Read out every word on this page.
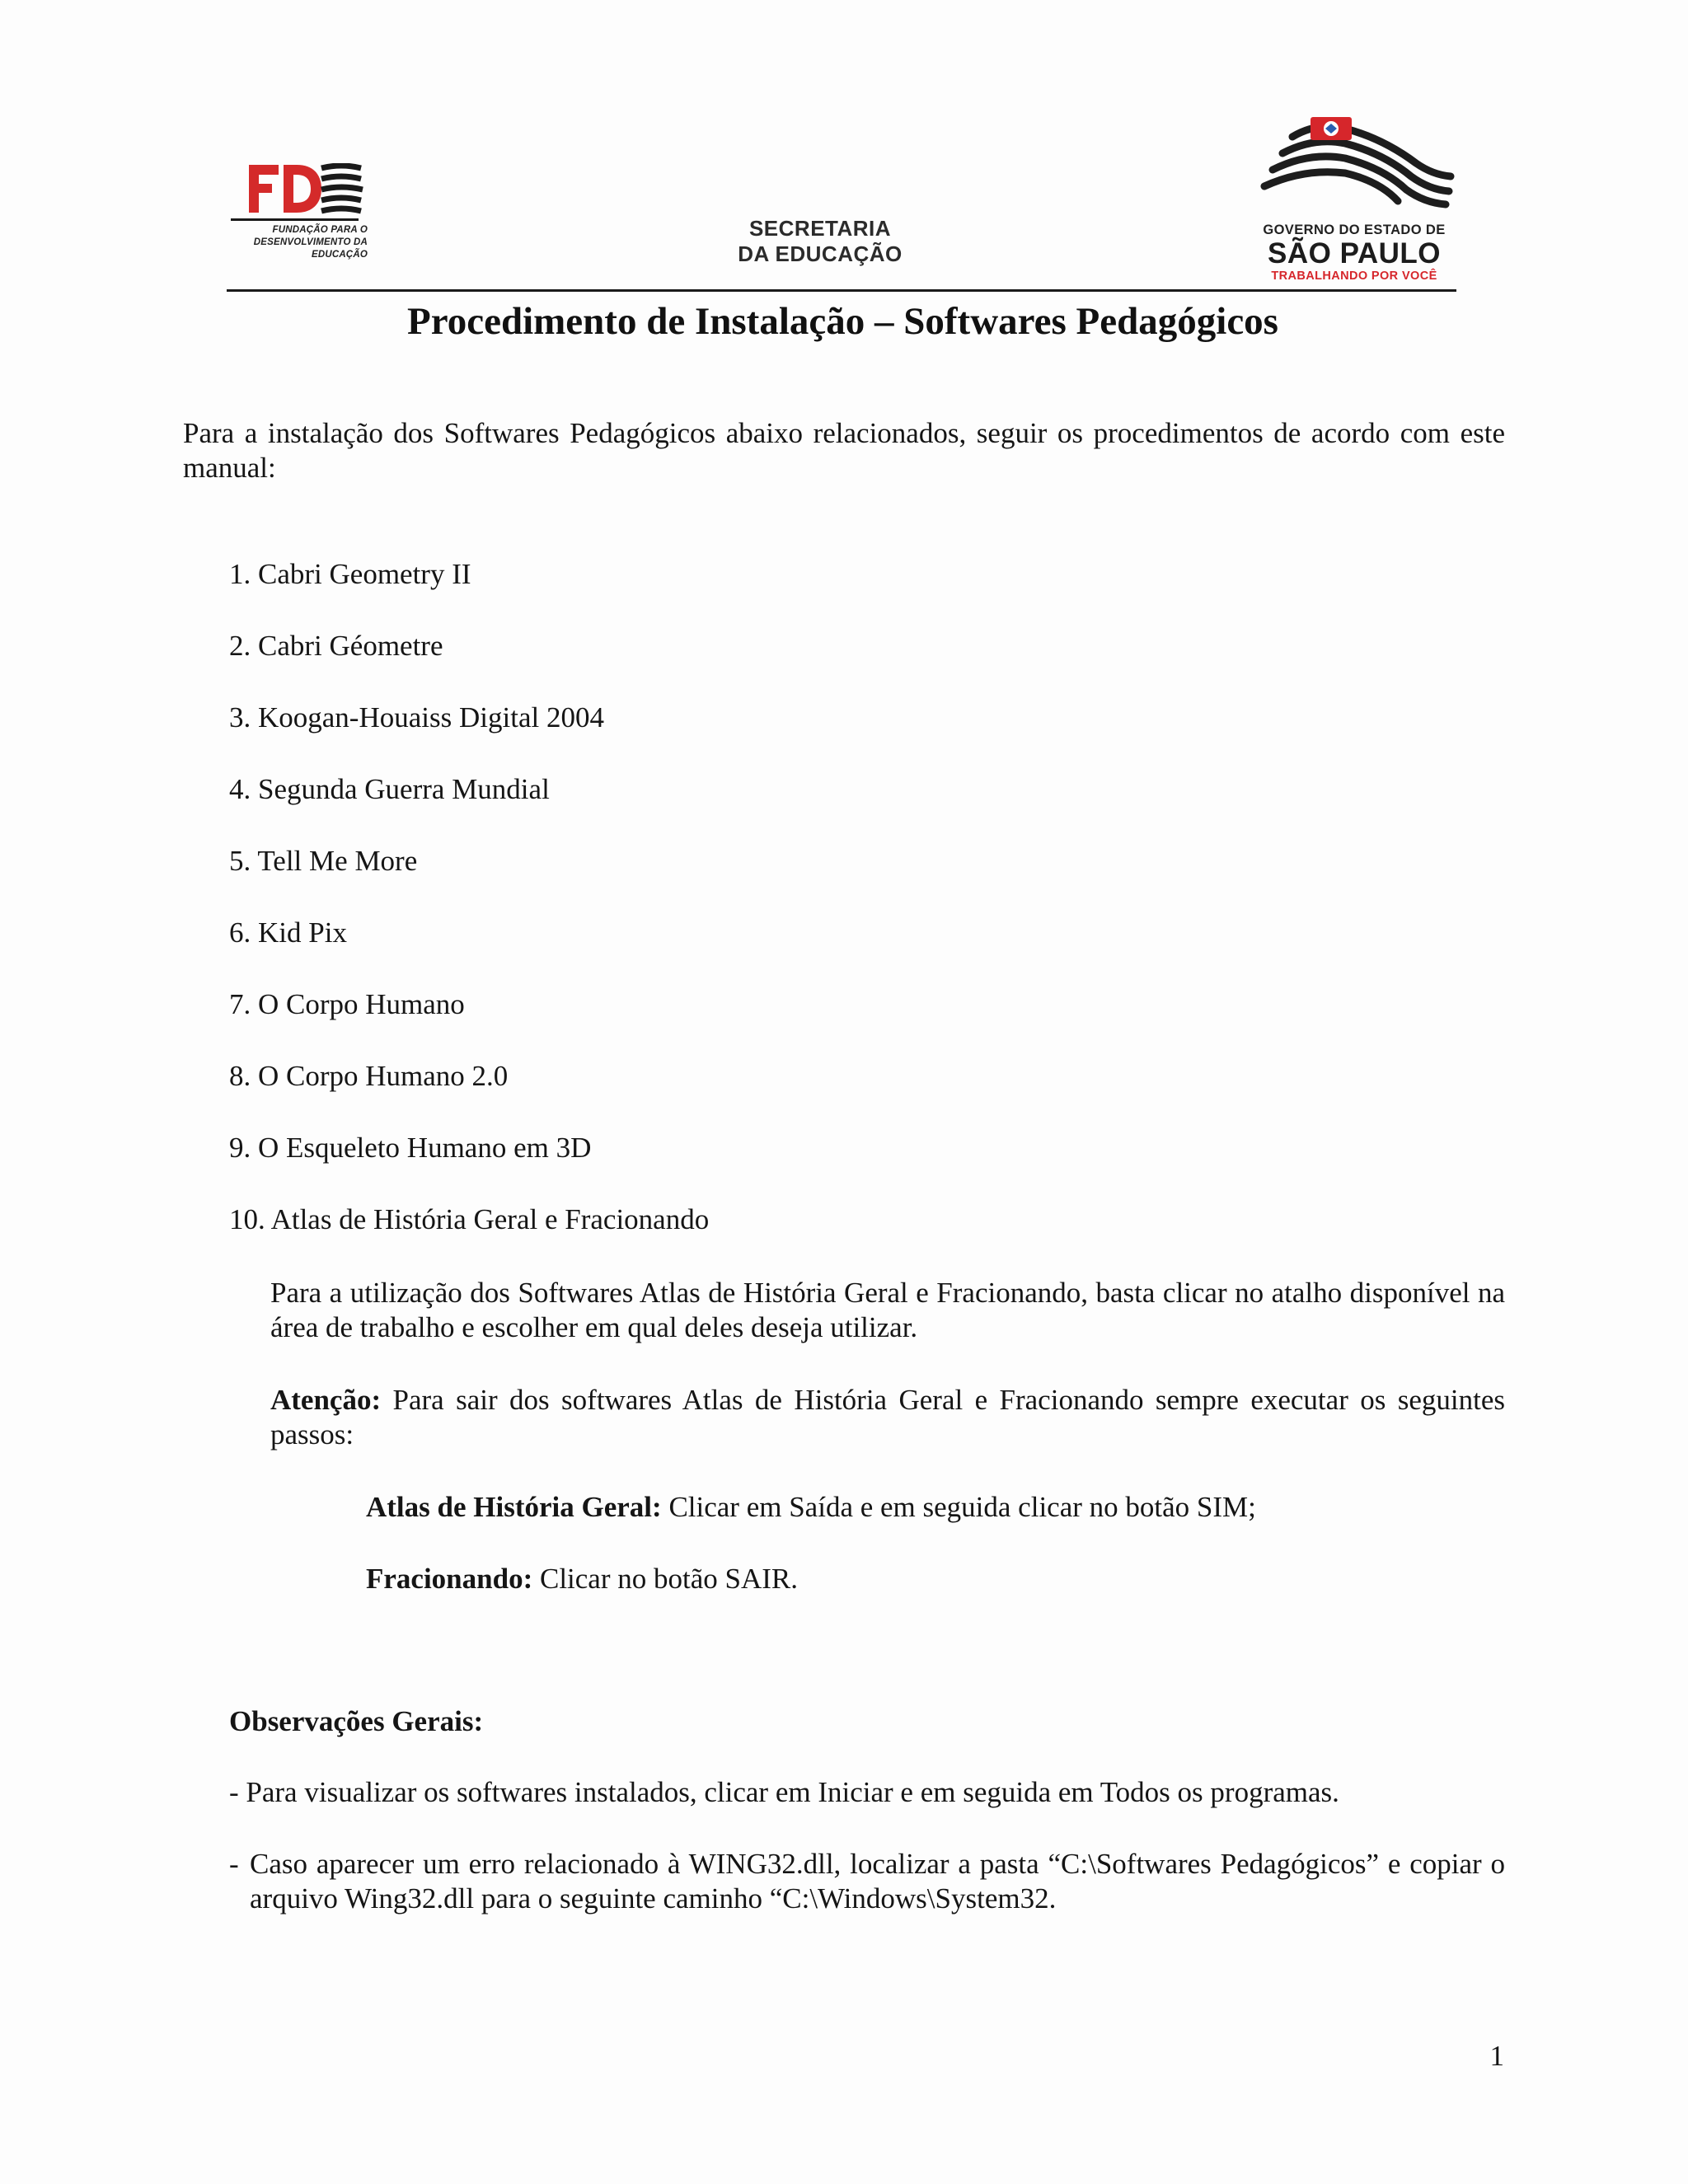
FUNDAÇÃO PARA O
DESENVOLVIMENTO DA
EDUCAÇÃO
SECRETARIA
DA EDUCAÇÃO
GOVERNO DO ESTADO DE
SÃO PAULO
TRABALHANDO POR VOCÊ
Procedimento de Instalação – Softwares Pedagógicos
Para a instalação dos Softwares Pedagógicos abaixo relacionados, seguir os procedimentos de acordo com este manual:
1. Cabri Geometry II
2. Cabri Géometre
3. Koogan-Houaiss Digital 2004
4. Segunda Guerra Mundial
5. Tell Me More
6. Kid Pix
7. O Corpo Humano
8. O Corpo Humano 2.0
9. O Esqueleto Humano em 3D
10. Atlas de História Geral e Fracionando
Para a utilização dos Softwares Atlas de História Geral e Fracionando, basta clicar no atalho disponível na área de trabalho e escolher em qual deles deseja utilizar.
Atenção: Para sair dos softwares Atlas de História Geral e Fracionando sempre executar os seguintes passos:
Atlas de História Geral: Clicar em Saída e em seguida clicar no botão SIM;
Fracionando: Clicar no botão SAIR.
Observações Gerais:
- Para visualizar os softwares instalados, clicar em Iniciar e em seguida em Todos os programas.
- Caso aparecer um erro relacionado à WING32.dll, localizar a pasta “C:\Softwares Pedagógicos” e copiar o arquivo Wing32.dll para o seguinte caminho “C:\Windows\System32.
1
